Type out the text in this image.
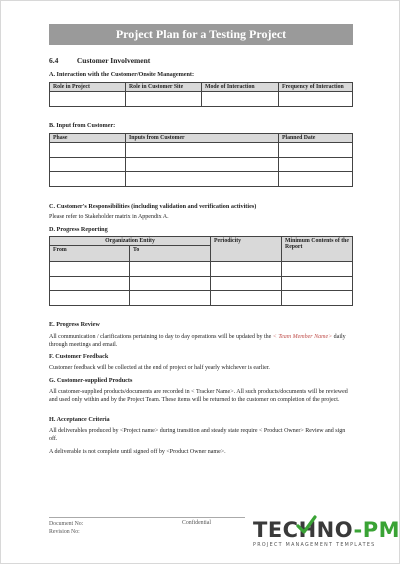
Project Plan for a Testing Project
6.4 Customer Involvement
A. Interaction with the Customer/Onsite Management:
Role in Project	Role in Customer Site	Mode of Interaction	Frequency of Interaction

B. Input from Customer:
Phase	Inputs from Customer	Planned Date

C. Customer's Responsibilities (including validation and verification activities)
Please refer to Stakeholder matrix in Appendix A.
D. Progress Reporting
Organization Entity		Periodicity	Minimum Contents of the Report
From	To		

E. Progress Review
All communication / clarifications pertaining to day to day operations will be updated by the < Team Member Name> daily through meetings and email.
F. Customer Feedback
Customer feedback will be collected at the end of project or half yearly whichever is earlier.
G. Customer-supplied Products
All customer-supplied products/documents are recorded in < Tracker Name>. All such products/documents will be reviewed and used only within and by the Project Team. These items will be returned to the customer on completion of the project.
H. Acceptance Criteria
All deliverables produced by <Project name> during transition and steady state require < Product Owner> Review and sign off.
A deliverable is not complete until signed off by <Product Owner name>.
Document No:
Revision No:
Confidential TECHNO-PM
PROJECT MANAGEMENT TEMPLATES
